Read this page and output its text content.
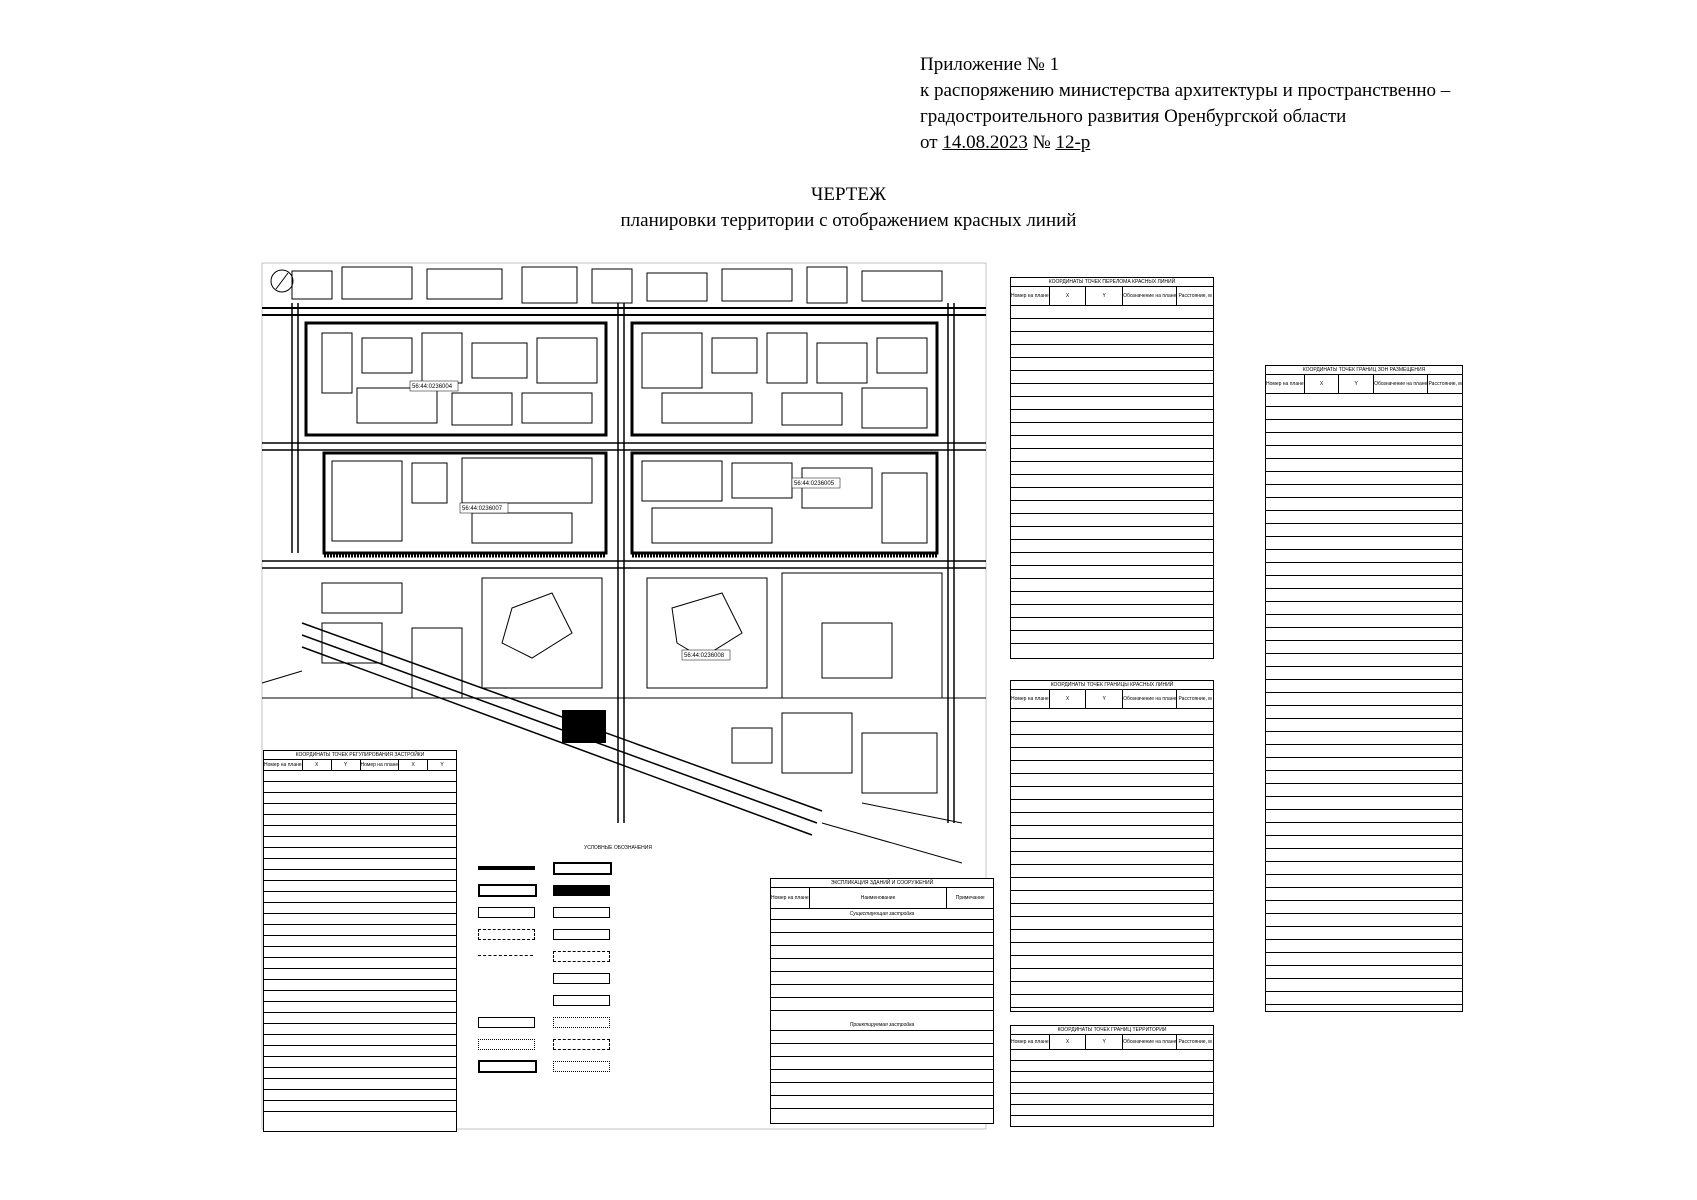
Приложение № 1
к распоряжению министерства архитектуры и пространственно –
градостроительного развития Оренбургской области
от 14.08.2023 № 12-р
ЧЕРТЕЖ
планировки территории с отображением красных линий
56:44:0236004
56:44:0236007
56:44:0236005
56:44:0236008
УСЛОВНЫЕ ОБОЗНАЧЕНИЯ
КООРДИНАТЫ ТОЧЕК РЕГУЛИРОВАНИЯ ЗАСТРОЙКИ
Номер на плане	X	Y	Номер на плане	X	Y
ЭКСПЛИКАЦИЯ ЗДАНИЙ И СООРУЖЕНИЙ
Номер на плане	Наименование	Примечание
Существующая застройка
Проектируемая застройка
КООРДИНАТЫ ТОЧЕК ПЕРЕЛОМА КРАСНЫХ ЛИНИЙ
Номер на плане	X	Y	Обозначение на плане Расстояние, м
КООРДИНАТЫ ТОЧЕК ГРАНИЦЫ КРАСНЫХ ЛИНИЙ
Номер на плане	X	Y	Обозначение на плане Расстояние, м
КООРДИНАТЫ ТОЧЕК ГРАНИЦ ТЕРРИТОРИИ
Номер на плане	X	Y	Обозначение на плане Расстояние, м
КООРДИНАТЫ ТОЧЕК ГРАНИЦ ЗОН РАЗМЕЩЕНИЯ
Номер на плане	X	Y	Обозначение на плане Расстояние, м
